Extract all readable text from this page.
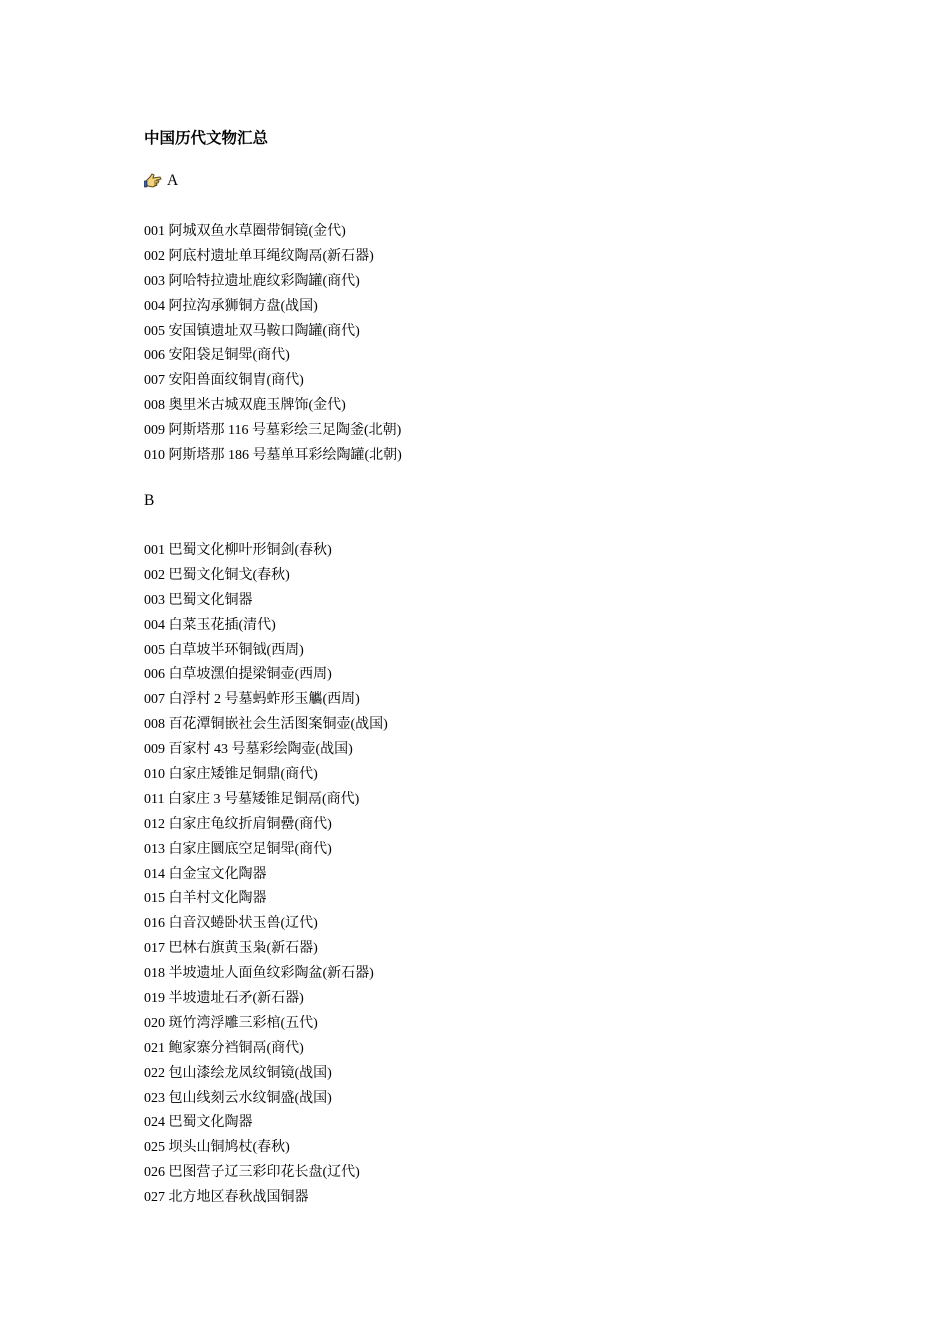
中国历代文物汇总
A
001 阿城双鱼水草圈带铜镜(金代)
002 阿底村遗址单耳绳纹陶鬲(新石器)
003 阿哈特拉遗址鹿纹彩陶罐(商代)
004 阿拉沟承狮铜方盘(战国)
005 安国镇遗址双马鞍口陶罐(商代)
006 安阳袋足铜斝(商代)
007 安阳兽面纹铜胄(商代)
008 奥里米古城双鹿玉牌饰(金代)
009 阿斯塔那 116 号墓彩绘三足陶釜(北朝)
010 阿斯塔那 186 号墓单耳彩绘陶罐(北朝)
B
001 巴蜀文化柳叶形铜剑(春秋)
002 巴蜀文化铜戈(春秋)
003 巴蜀文化铜器
004 白菜玉花插(清代)
005 白草坡半环铜钺(西周)
006 白草坡潶伯提梁铜壶(西周)
007 白浮村 2 号墓蚂蚱形玉觿(西周)
008 百花潭铜嵌社会生活图案铜壶(战国)
009 百家村 43 号墓彩绘陶壶(战国)
010 白家庄矮锥足铜鼎(商代)
011 白家庄 3 号墓矮锥足铜鬲(商代)
012 白家庄龟纹折肩铜罍(商代)
013 白家庄圜底空足铜斝(商代)
014 白金宝文化陶器
015 白羊村文化陶器
016 白音汉蜷卧状玉兽(辽代)
017 巴林右旗黄玉枭(新石器)
018 半坡遗址人面鱼纹彩陶盆(新石器)
019 半坡遗址石矛(新石器)
020 斑竹湾浮雕三彩棺(五代)
021 鲍家寨分裆铜鬲(商代)
022 包山漆绘龙凤纹铜镜(战国)
023 包山线刻云水纹铜盛(战国)
024 巴蜀文化陶器
025 坝头山铜鸠杖(春秋)
026 巴图营子辽三彩印花长盘(辽代)
027 北方地区春秋战国铜器
